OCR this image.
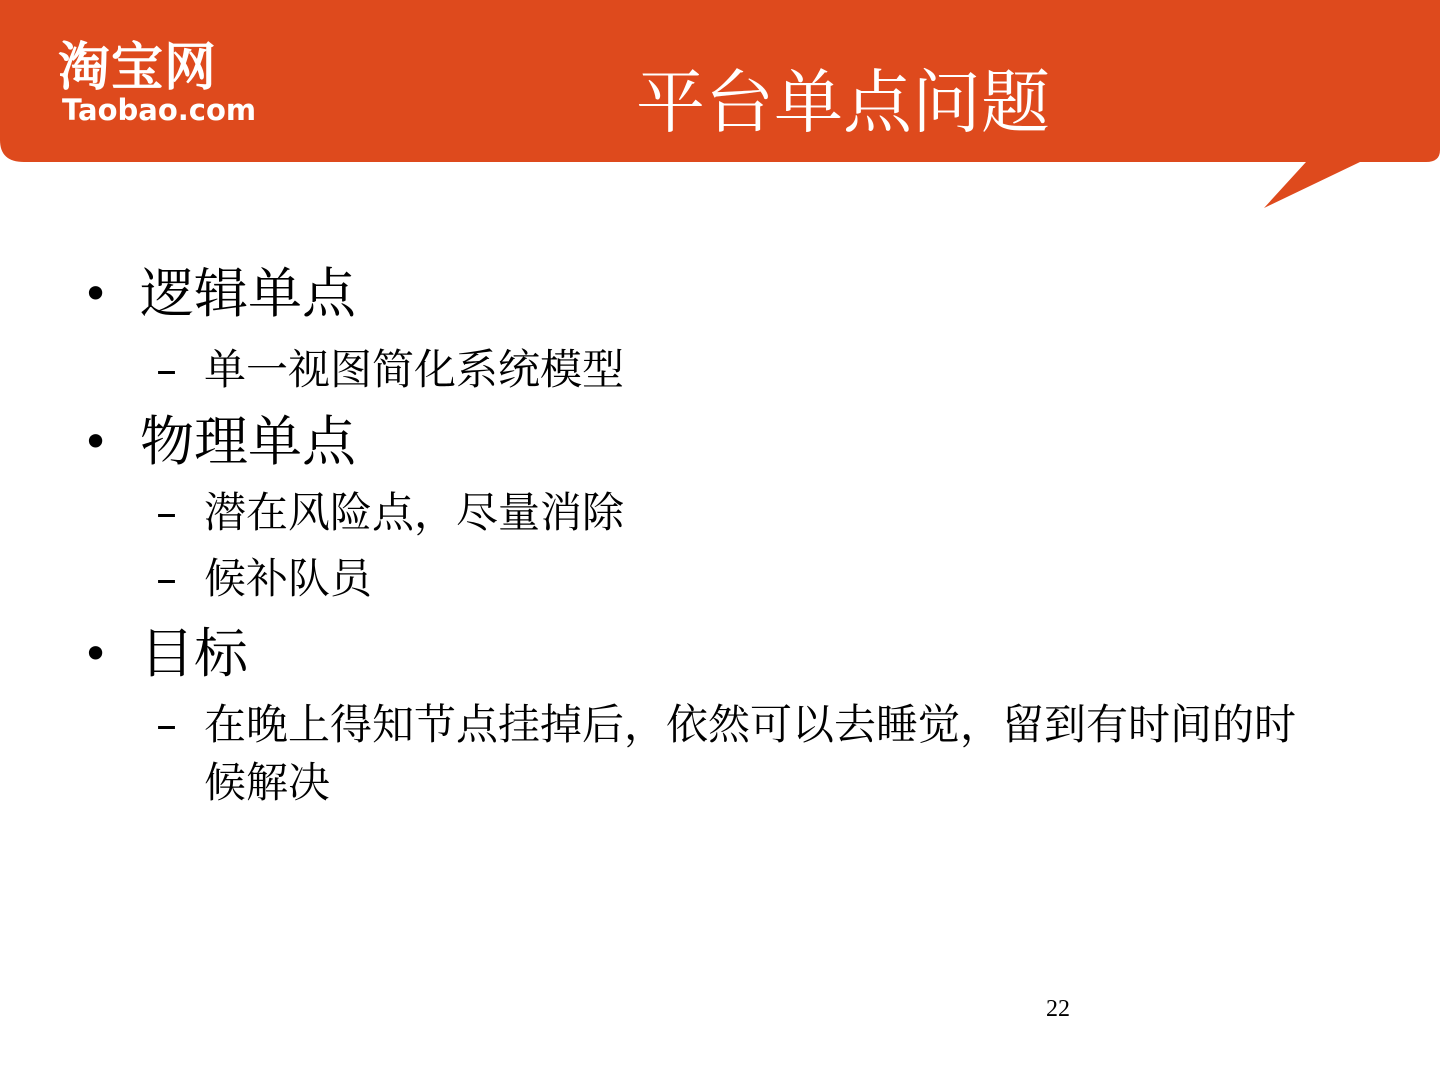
淘宝网
Taobao.com	平台单点问题
• 逻辑单点
– 单一视图简化系统模型
• 物理单点
– 潜在风险点，尽量消除
– 候补队员
• 目标
– 在晚上得知节点挂掉后，依然可以去睡觉，留到有时间的时候解决
22
